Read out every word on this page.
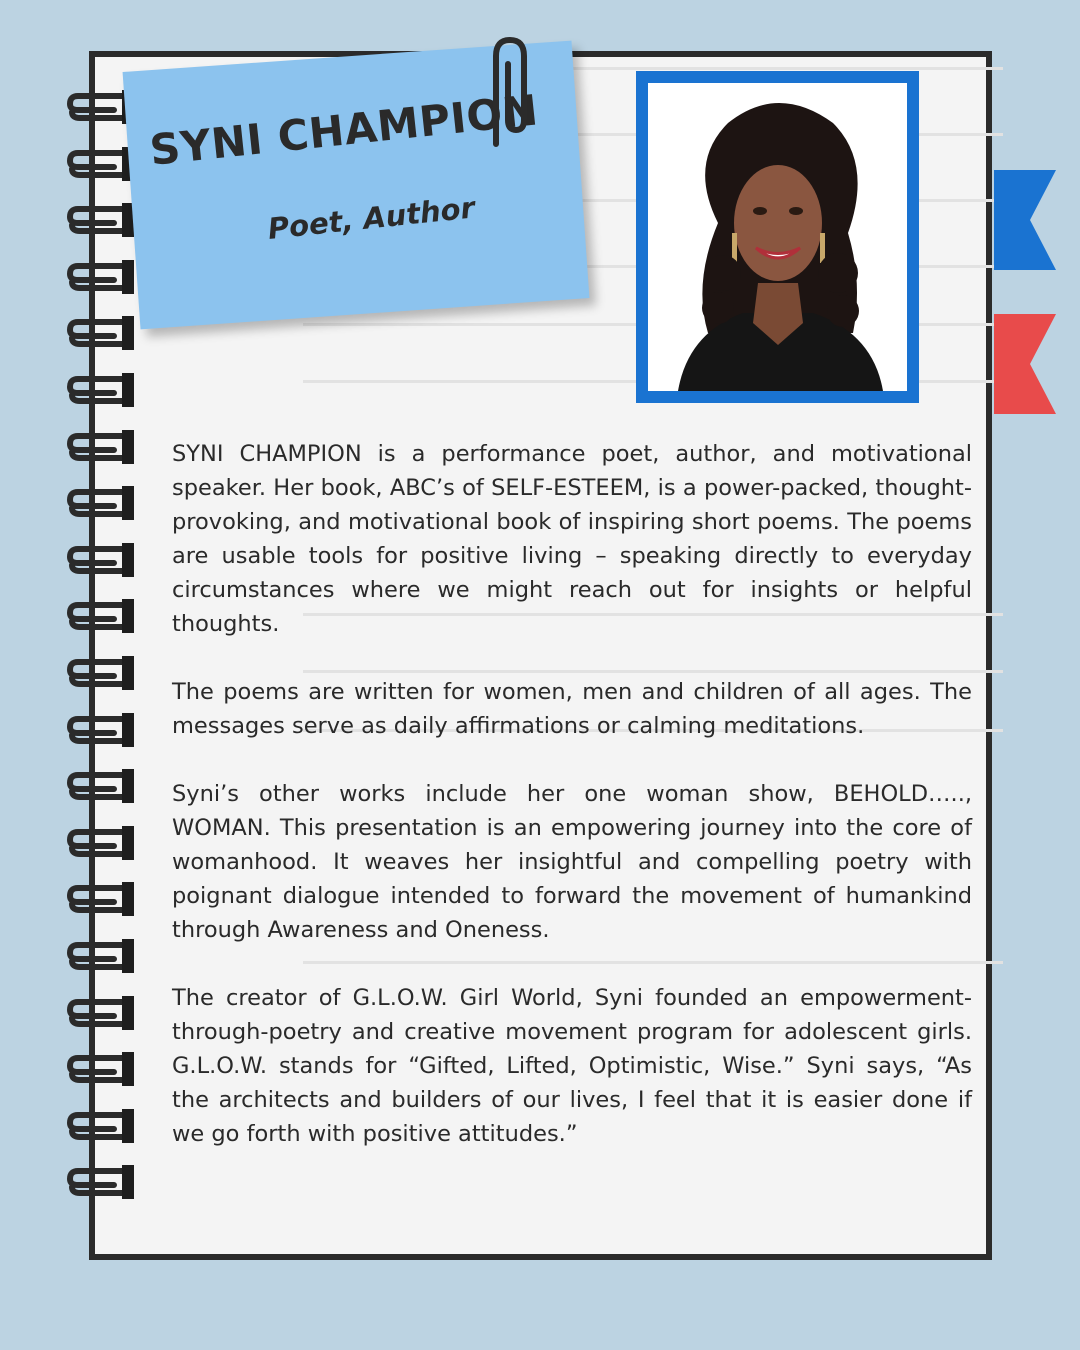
SYNI CHAMPION
Poet, Author

SYNI CHAMPION is a performance poet, author, and motivational speaker. Her book, ABC’s of SELF-ESTEEM, is a power-packed, thought-provoking, and motivational book of inspiring short poems. The poems are usable tools for positive living – speaking directly to everyday circumstances where we might reach out for insights or helpful thoughts.

The poems are written for women, men and children of all ages. The messages serve as daily affirmations or calming meditations.

Syni’s other works include her one woman show, BEHOLD….., WOMAN. This presentation is an empowering journey into the core of womanhood. It weaves her insightful and compelling poetry with poignant dialogue intended to forward the movement of humankind through Awareness and Oneness.

The creator of G.L.O.W. Girl World, Syni founded an empowerment-through-poetry and creative movement program for adolescent girls. G.L.O.W. stands for “Gifted, Lifted, Optimistic, Wise.” Syni says, “As the architects and builders of our lives, I feel that it is easier done if we go forth with positive attitudes.”
